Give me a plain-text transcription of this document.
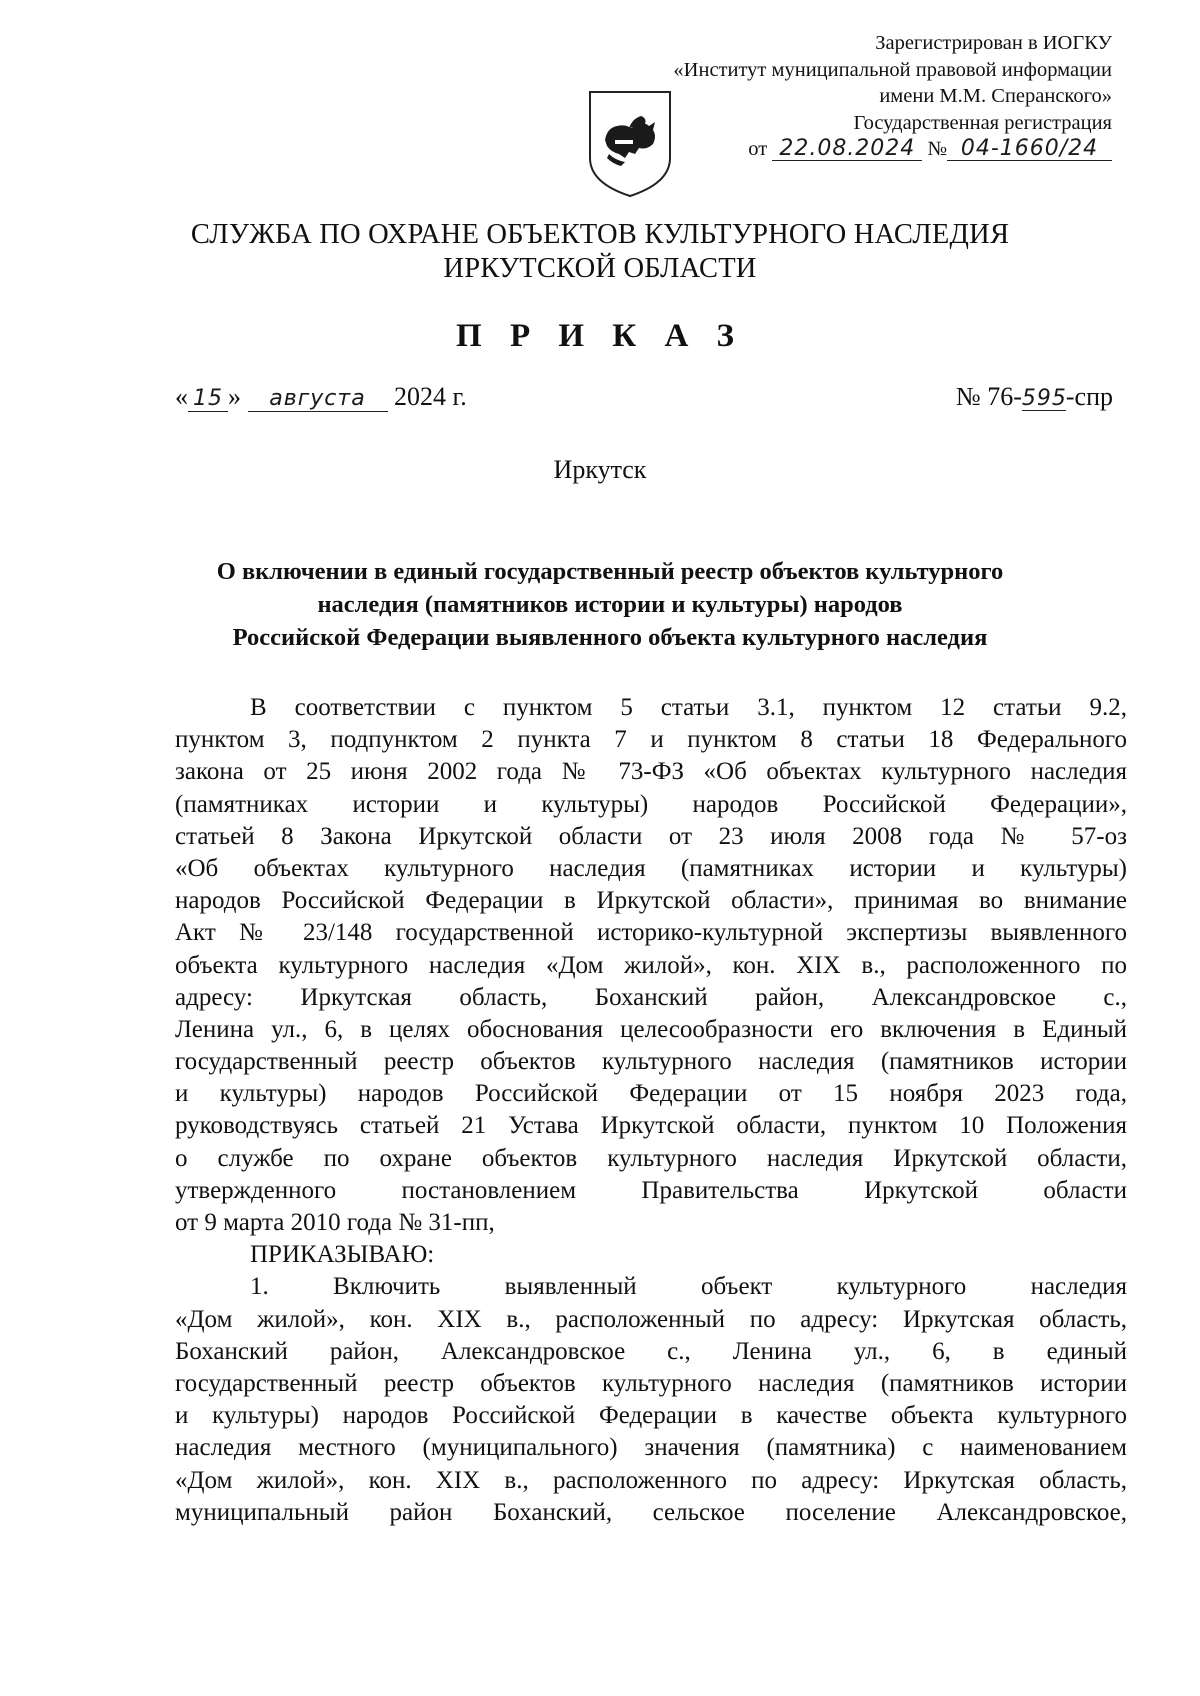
Зарегистрирован в ИОГКУ
«Институт муниципальной правовой информации
имени М.М. Сперанского»
Государственная регистрация
от 22.08.2024 № 04-1660/24
СЛУЖБА ПО ОХРАНЕ ОБЪЕКТОВ КУЛЬТУРНОГО НАСЛЕДИЯ
ИРКУТСКОЙ ОБЛАСТИ
П Р И К А З
« 15 » августа 2024 г.	№ 76-595-спр
Иркутск
О включении в единый государственный реестр объектов культурного
наследия (памятников истории и культуры) народов
Российской Федерации выявленного объекта культурного наследия
В соответствии с пунктом 5 статьи 3.1, пунктом 12 статьи 9.2,
пунктом 3, подпунктом 2 пункта 7 и пунктом 8 статьи 18 Федерального
закона от 25 июня 2002 года № 73-ФЗ «Об объектах культурного наследия
(памятниках истории и культуры) народов Российской Федерации»,
статьей 8 Закона Иркутской области от 23 июля 2008 года № 57-оз
«Об объектах культурного наследия (памятниках истории и культуры)
народов Российской Федерации в Иркутской области», принимая во внимание
Акт № 23/148 государственной историко-культурной экспертизы выявленного
объекта культурного наследия «Дом жилой», кон. XIX в., расположенного по
адресу: Иркутская область, Боханский район, Александровское с.,
Ленина ул., 6, в целях обоснования целесообразности его включения в Единый
государственный реестр объектов культурного наследия (памятников истории
и культуры) народов Российской Федерации от 15 ноября 2023 года,
руководствуясь статьей 21 Устава Иркутской области, пунктом 10 Положения
о службе по охране объектов культурного наследия Иркутской области,
утвержденного постановлением Правительства Иркутской области
от 9 марта 2010 года № 31-пп,
ПРИКАЗЫВАЮ:
1. Включить выявленный объект культурного наследия
«Дом жилой», кон. XIX в., расположенный по адресу: Иркутская область,
Боханский район, Александровское с., Ленина ул., 6, в единый
государственный реестр объектов культурного наследия (памятников истории
и культуры) народов Российской Федерации в качестве объекта культурного
наследия местного (муниципального) значения (памятника) с наименованием
«Дом жилой», кон. XIX в., расположенного по адресу: Иркутская область,
муниципальный район Боханский, сельское поселение Александровское,
